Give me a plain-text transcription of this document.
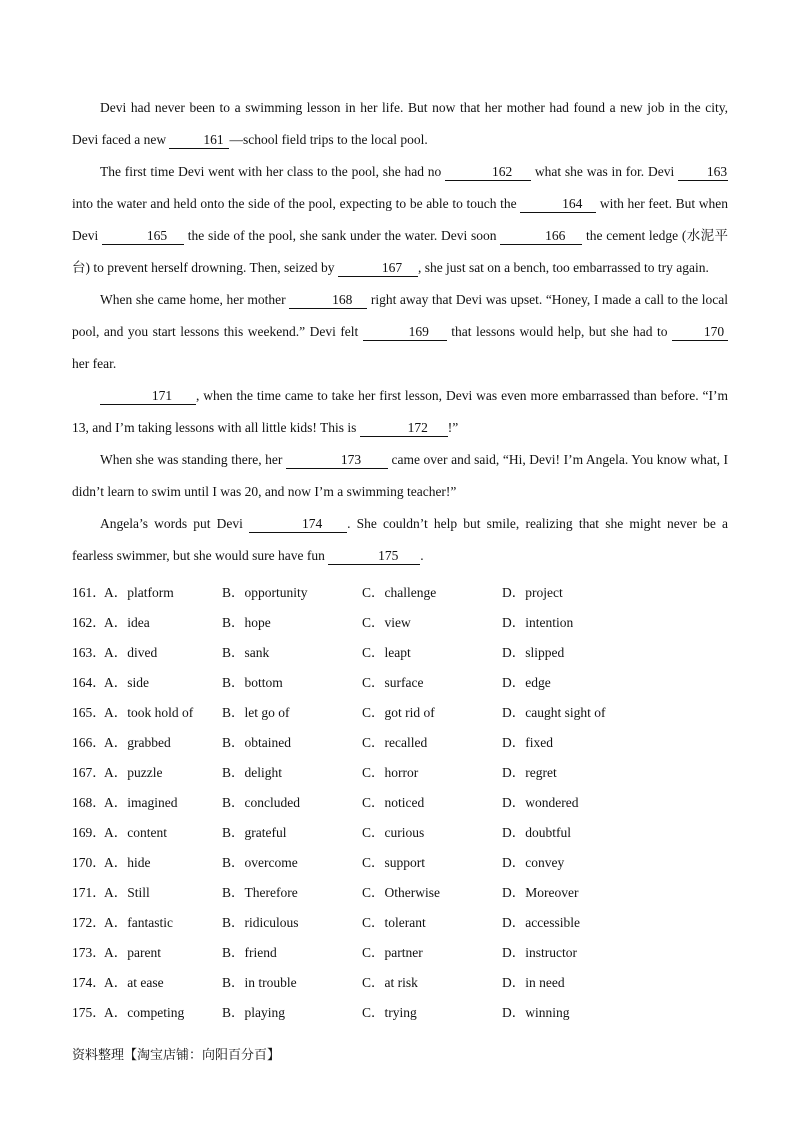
Devi had never been to a swimming lesson in her life. But now that her mother had found a new job in the city, Devi faced a new	161 —school field trips to the local pool.

The first time Devi went with her class to the pool, she had no	162 what she was in for. Devi 163 into the water and held onto the side of the pool, expecting to be able to touch the	164 with her feet. But when Devi	165 the side of the pool, she sank under the water. Devi soon	166 the cement ledge (水泥平台) to prevent herself drowning. Then, seized by	167 , she just sat on a bench, too embarrassed to try again.

When she came home, her mother	168 right away that Devi was upset. “Honey, I made a call to the local pool, and you start lessons this weekend.” Devi felt	169 that lessons would help, but she had to 170 her fear.

171 , when the time came to take her first lesson, Devi was even more embarrassed than before. “I’m 13, and I’m taking lessons with all little kids! This is	172 !”

When she was standing there, her	173 came over and said, “Hi, Devi! I’m Angela. You know what, I didn’t learn to swim until I was 20, and now I’m a swimming teacher!”

Angela’s words put Devi	174 . She couldn’t help but smile, realizing that she might never be a fearless swimmer, but she would sure have fun	175 .

161．
A．platform	B．opportunity	C．challenge	D．project
162．
A．idea	B．hope	C．view	D．intention
163．
A．dived	B．sank	C．leapt	D．slipped
164．
A．side	B．bottom	C．surface	D．edge
165．
A．took hold of B．let go of	C．got rid of	D．caught sight of
166．
A．grabbed	B．obtained	C．recalled	D．fixed
167．
A．puzzle	B．delight	C．horror	D．regret
168．
A．imagined	B．concluded	C．noticed	D．wondered
169．
A．content	B．grateful	C．curious	D．doubtful
170．
A．hide	B．overcome	C．support	D．convey
171．
A．Still	B．Therefore	C．Otherwise	D．Moreover
172．
A．fantastic	B．ridiculous	C．tolerant	D．accessible
173．
A．parent	B．friend	C．partner	D．instructor
174．
A．at ease	B．in trouble	C．at risk	D．in need
175．
A．competing	B．playing	C．trying	D．winning
资料整理【淘宝店铺：向阳百分百】
